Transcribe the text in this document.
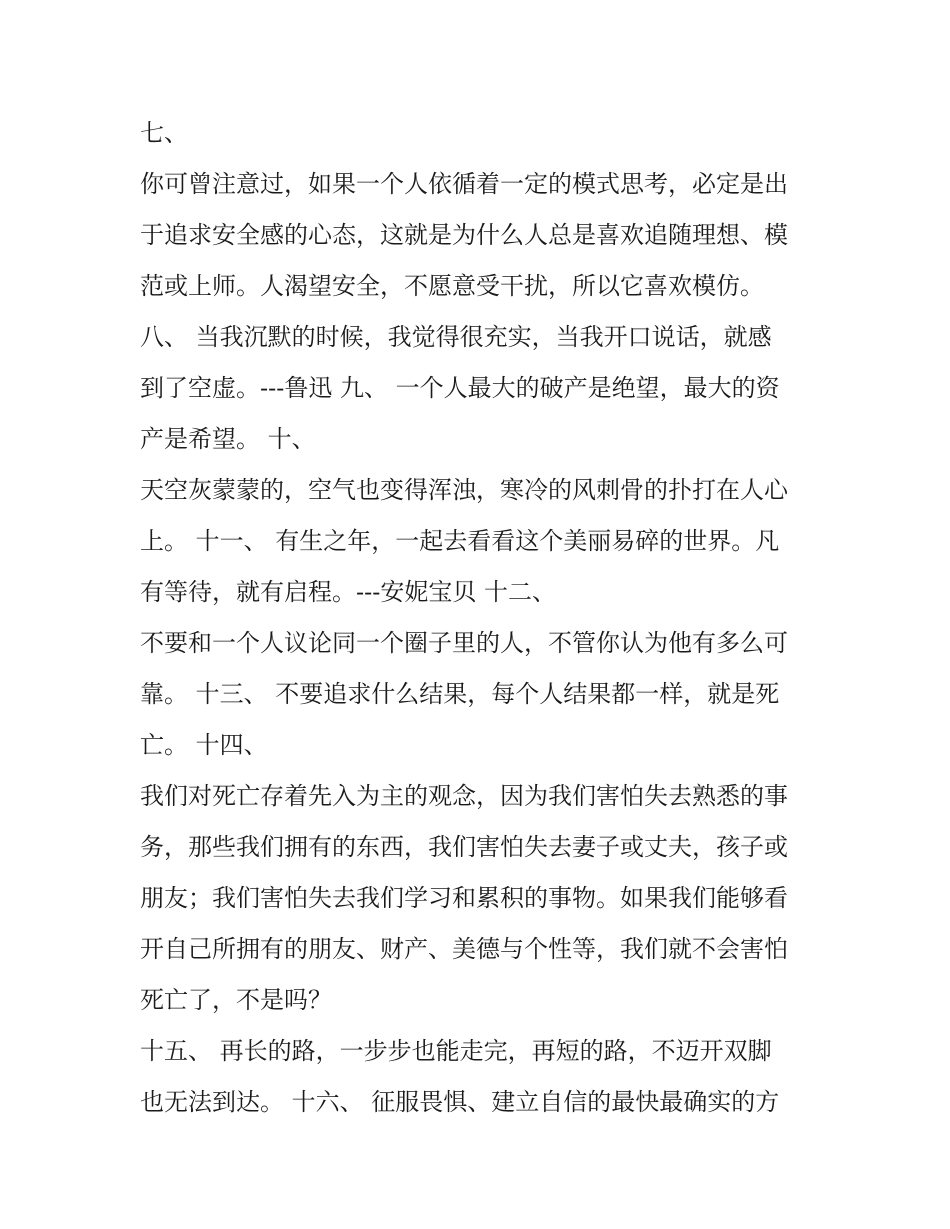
七、
你可曾注意过，如果一个人依循着一定的模式思考，必定是出
于追求安全感的心态，这就是为什么人总是喜欢追随理想、模
范或上师。人渴望安全，不愿意受干扰，所以它喜欢模仿。
八、 当我沉默的时候，我觉得很充实，当我开口说话，就感
到了空虚。---鲁迅 九、 一个人最大的破产是绝望，最大的资
产是希望。 十、
天空灰蒙蒙的，空气也变得浑浊，寒冷的风刺骨的扑打在人心
上。 十一、 有生之年，一起去看看这个美丽易碎的世界。凡
有等待，就有启程。---安妮宝贝 十二、
不要和一个人议论同一个圈子里的人，不管你认为他有多么可
靠。 十三、 不要追求什么结果，每个人结果都一样，就是死
亡。 十四、
我们对死亡存着先入为主的观念，因为我们害怕失去熟悉的事
务，那些我们拥有的东西，我们害怕失去妻子或丈夫，孩子或
朋友；我们害怕失去我们学习和累积的事物。如果我们能够看
开自己所拥有的朋友、财产、美德与个性等，我们就不会害怕
死亡了，不是吗？
十五、 再长的路，一步步也能走完，再短的路，不迈开双脚
也无法到达。 十六、 征服畏惧、建立自信的最快最确实的方
